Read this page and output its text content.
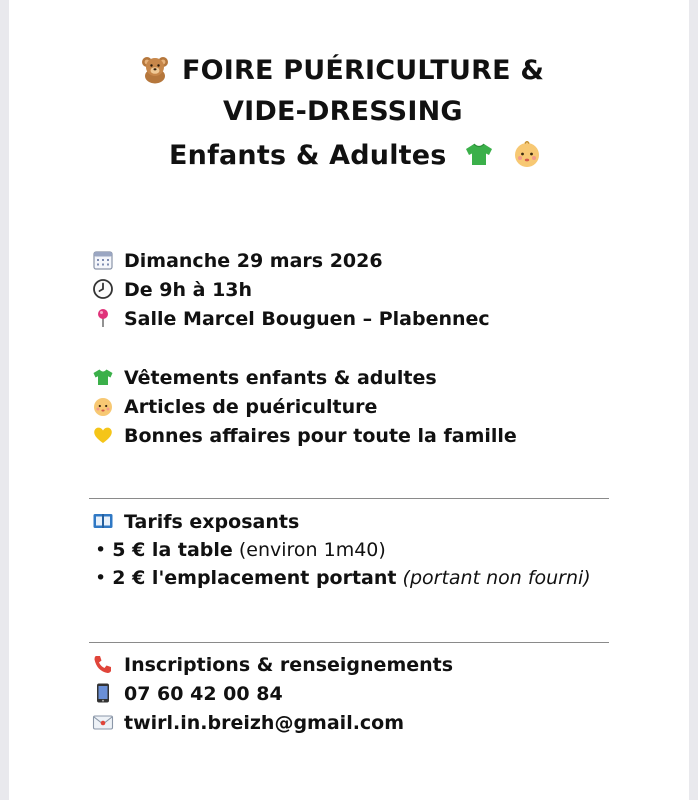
FOIRE PUÉRICULTURE &
VIDE-DRESSING
Enfants & Adultes
Dimanche 29 mars 2026
De 9h à 13h
Salle Marcel Bouguen – Plabennec
Vêtements enfants & adultes
Articles de puériculture
Bonnes affaires pour toute la famille
Tarifs exposants
• 5 € la table (environ 1m40)
• 2 € l'emplacement portant (portant non fourni)
Inscriptions & renseignements
07 60 42 00 84
twirl.in.breizh@gmail.com
